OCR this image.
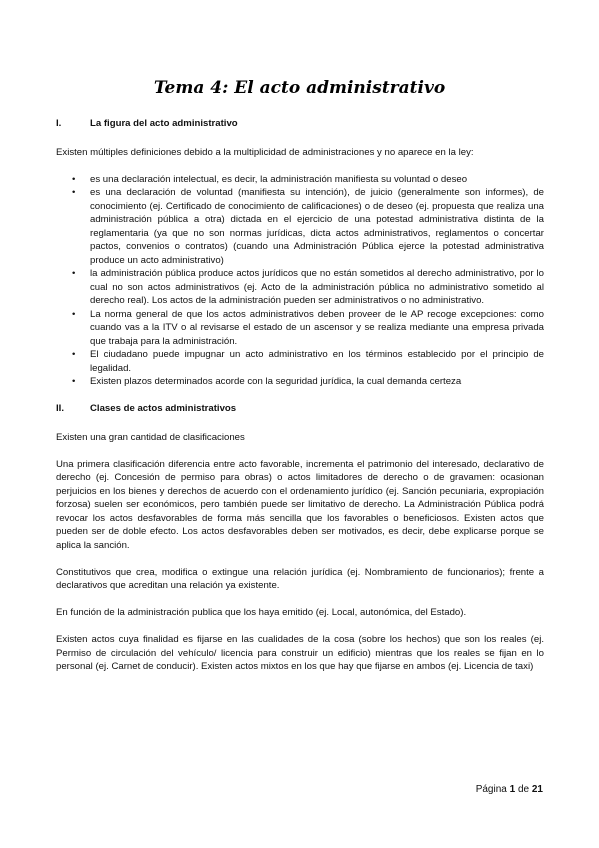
Tema 4: El acto administrativo
I.	La figura del acto administrativo

Existen múltiples definiciones debido a la multiplicidad de administraciones y no aparece en la ley:

• es una declaración intelectual, es decir, la administración manifiesta su voluntad o deseo
• es una declaración de voluntad (manifiesta su intención), de juicio (generalmente son informes), de conocimiento (ej. Certificado de conocimiento de calificaciones) o de deseo (ej. propuesta que realiza una administración pública a otra) dictada en el ejercicio de una potestad administrativa distinta de la reglamentaria (ya que no son normas jurídicas, dicta actos administrativos, reglamentos o concertar pactos, convenios o contratos) (cuando una Administración Pública ejerce la potestad administrativa produce un acto administrativo)
• la administración pública produce actos jurídicos que no están sometidos al derecho administrativo, por lo cual no son actos administrativos (ej. Acto de la administración pública no administrativo sometido al derecho real). Los actos de la administración pueden ser administrativos o no administrativo.
• La norma general de que los actos administrativos deben proveer de le AP recoge excepciones: como cuando vas a la ITV o al revisarse el estado de un ascensor y se realiza mediante una empresa privada que trabaja para la administración.
• El ciudadano puede impugnar un acto administrativo en los términos establecido por el principio de legalidad.
• Existen plazos determinados acorde con la seguridad jurídica, la cual demanda certeza
II.	Clases de actos administrativos

Existen una gran cantidad de clasificaciones

Una primera clasificación diferencia entre acto favorable, incrementa el patrimonio del interesado, declarativo de derecho (ej. Concesión de permiso para obras) o actos limitadores de derecho o de gravamen: ocasionan perjuicios en los bienes y derechos de acuerdo con el ordenamiento jurídico (ej. Sanción pecuniaria, expropiación forzosa) suelen ser económicos, pero también puede ser limitativo de derecho. La Administración Pública podrá revocar los actos desfavorables de forma más sencilla que los favorables o beneficiosos. Existen actos que pueden ser de doble efecto. Los actos desfavorables deben ser motivados, es decir, debe explicarse porque se aplica la sanción.

Constitutivos que crea, modifica o extingue una relación jurídica (ej. Nombramiento de funcionarios); frente a declarativos que acreditan una relación ya existente.

En función de la administración publica que los haya emitido (ej. Local, autonómica, del Estado).

Existen actos cuya finalidad es fijarse en las cualidades de la cosa (sobre los hechos) que son los reales (ej. Permiso de circulación del vehículo/ licencia para construir un edificio) mientras que los reales se fijan en lo personal (ej. Carnet de conducir). Existen actos mixtos en los que hay que fijarse en ambos (ej. Licencia de taxi)

Página 1 de 21
